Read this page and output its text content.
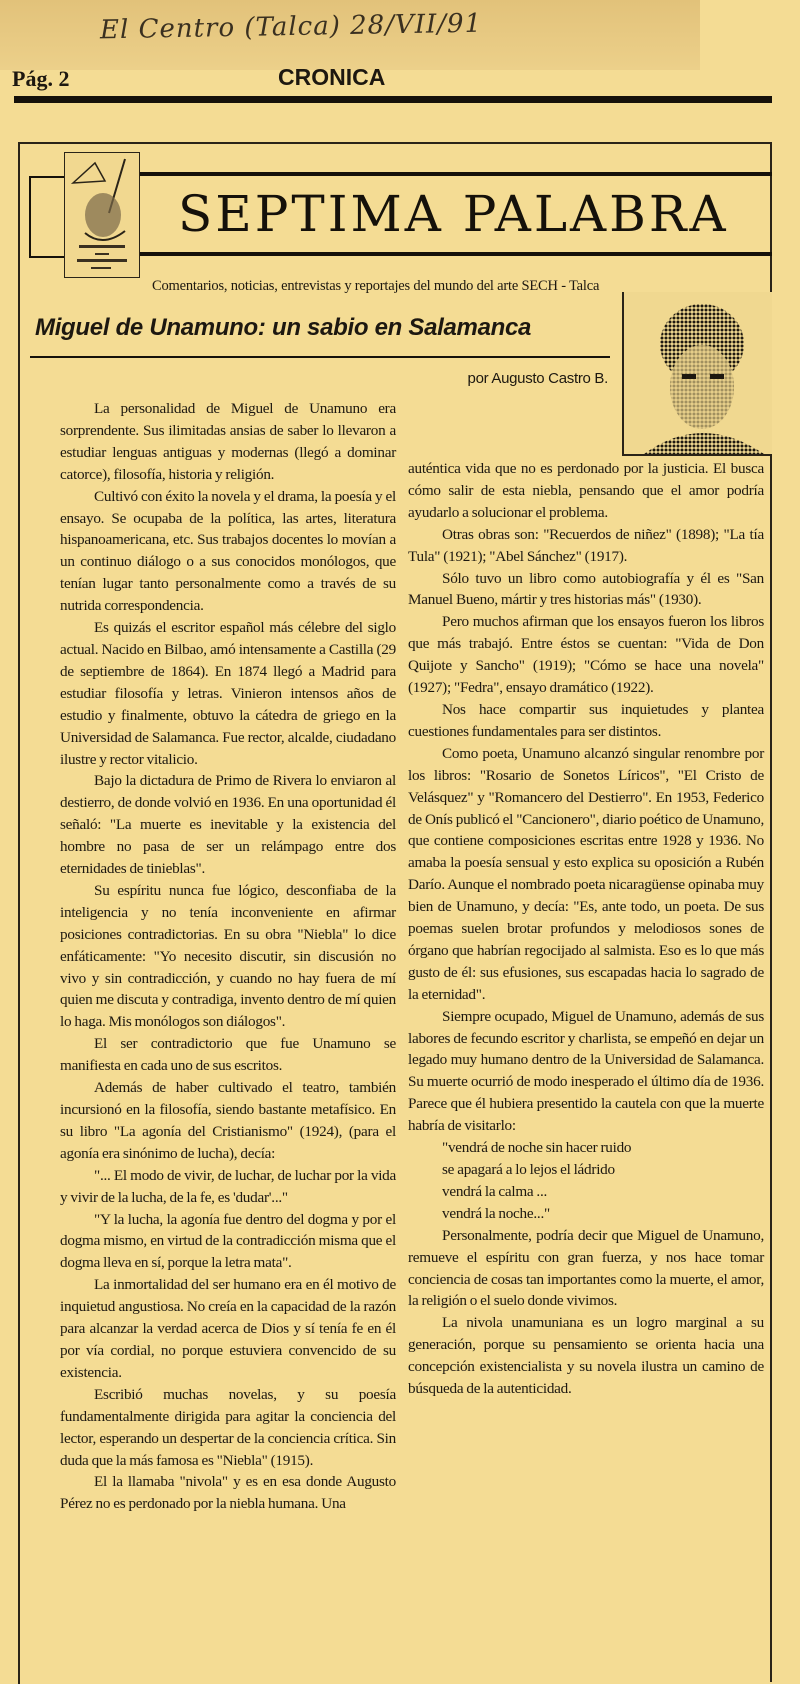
El Centro (Talca) 28/VII/91
Pág. 2	CRONICA
SEPTIMA PALABRA
Comentarios, noticias, entrevistas y reportajes del mundo del arte SECH - Talca
Miguel de Unamuno: un sabio en Salamanca
por Augusto Castro B.

La personalidad de Miguel de Unamuno era sorprendente. Sus ilimitadas ansias de saber lo llevaron a estudiar lenguas antiguas y modernas (llegó a dominar catorce), filosofía, historia y religión.

Cultivó con éxito la novela y el drama, la poesía y el ensayo. Se ocupaba de la política, las artes, literatura hispanoamericana, etc. Sus trabajos docentes lo movían a un continuo diálogo o a sus conocidos monólogos, que tenían lugar tanto personalmente como a través de su nutrida correspondencia.

Es quizás el escritor español más célebre del siglo actual. Nacido en Bilbao, amó intensamente a Castilla (29 de septiembre de 1864). En 1874 llegó a Madrid para estudiar filosofía y letras. Vinieron intensos años de estudio y finalmente, obtuvo la cátedra de griego en la Universidad de Salamanca. Fue rector, alcalde, ciudadano ilustre y rector vitalicio.

Bajo la dictadura de Primo de Rivera lo enviaron al destierro, de donde volvió en 1936. En una oportunidad él señaló: "La muerte es inevitable y la existencia del hombre no pasa de ser un relámpago entre dos eternidades de tinieblas".

Su espíritu nunca fue lógico, desconfiaba de la inteligencia y no tenía inconveniente en afirmar posiciones contradictorias. En su obra "Niebla" lo dice enfáticamente: "Yo necesito discutir, sin discusión no vivo y sin contradicción, y cuando no hay fuera de mí quien me discuta y contradiga, invento dentro de mí quien lo haga. Mis monólogos son diálogos".

El ser contradictorio que fue Unamuno se manifiesta en cada uno de sus escritos.

Además de haber cultivado el teatro, también incursionó en la filosofía, siendo bastante metafísico. En su libro "La agonía del Cristianismo" (1924), (para el agonía era sinónimo de lucha), decía:

"... El modo de vivir, de luchar, de luchar por la vida y vivir de la lucha, de la fe, es 'dudar'..."

"Y la lucha, la agonía fue dentro del dogma y por el dogma mismo, en virtud de la contradicción misma que el dogma lleva en sí, porque la letra mata".

La inmortalidad del ser humano era en él motivo de inquietud angustiosa. No creía en la capacidad de la razón para alcanzar la verdad acerca de Dios y sí tenía fe en él por vía cordial, no porque estuviera convencido de su existencia.

Escribió muchas novelas, y su poesía fundamentalmente dirigida para agitar la conciencia del lector, esperando un despertar de la conciencia crítica. Sin duda que la más famosa es "Niebla" (1915).

El la llamaba "nivola" y es en esa donde Augusto Pérez no es perdonado por la niebla humana. Una

auténtica vida que no es perdonado por la justicia. El busca cómo salir de esta niebla, pensando que el amor podría ayudarlo a solucionar el problema.

Otras obras son: "Recuerdos de niñez" (1898); "La tía Tula" (1921); "Abel Sánchez" (1917).

Sólo tuvo un libro como autobiografía y él es "San Manuel Bueno, mártir y tres historias más" (1930).

Pero muchos afirman que los ensayos fueron los libros que más trabajó. Entre éstos se cuentan: "Vida de Don Quijote y Sancho" (1919); "Cómo se hace una novela" (1927); "Fedra", ensayo dramático (1922).

Nos hace compartir sus inquietudes y plantea cuestiones fundamentales para ser distintos.

Como poeta, Unamuno alcanzó singular renombre por los libros: "Rosario de Sonetos Líricos", "El Cristo de Velásquez" y "Romancero del Destierro". En 1953, Federico de Onís publicó el "Cancionero", diario poético de Unamuno, que contiene composiciones escritas entre 1928 y 1936. No amaba la poesía sensual y esto explica su oposición a Rubén Darío. Aunque el nombrado poeta nicaragüense opinaba muy bien de Unamuno, y decía: "Es, ante todo, un poeta. De sus poemas suelen brotar profundos y melodiosos sones de órgano que habrían regocijado al salmista. Eso es lo que más gusto de él: sus efusiones, sus escapadas hacia lo sagrado de la eternidad".

Siempre ocupado, Miguel de Unamuno, además de sus labores de fecundo escritor y charlista, se empeñó en dejar un legado muy humano dentro de la Universidad de Salamanca. Su muerte ocurrió de modo inesperado el último día de 1936. Parece que él hubiera presentido la cautela con que la muerte habría de visitarlo:

"vendrá de noche sin hacer ruido

se apagará a lo lejos el ládrido

vendrá la calma ...

vendrá la noche..."

Personalmente, podría decir que Miguel de Unamuno, remueve el espíritu con gran fuerza, y nos hace tomar conciencia de cosas tan importantes como la muerte, el amor, la religión o el suelo donde vivimos.

La nivola unamuniana es un logro marginal a su generación, porque su pensamiento se orienta hacia una concepción existencialista y su novela ilustra un camino de búsqueda de la autenticidad.
